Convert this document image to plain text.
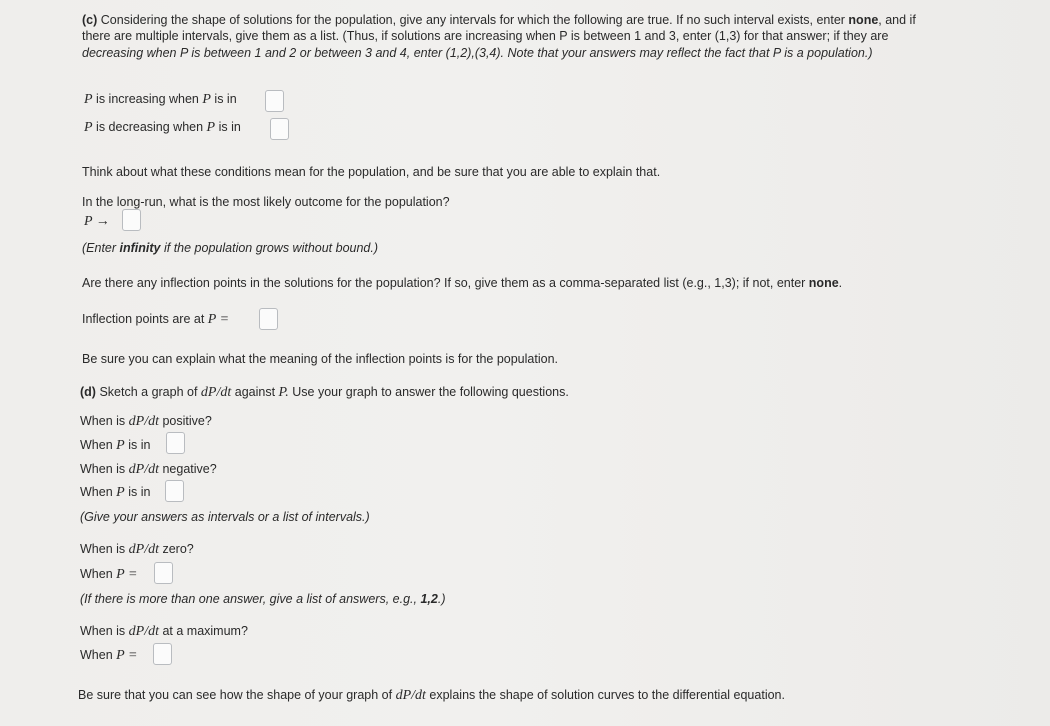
(c) Considering the shape of solutions for the population, give any intervals for which the following are true. If no such interval exists, enter none, and if
there are multiple intervals, give them as a list. (Thus, if solutions are increasing when P is between 1 and 3, enter (1,3) for that answer; if they are
decreasing when P is between 1 and 2 or between 3 and 4, enter (1,2),(3,4). Note that your answers may reflect the fact that P is a population.)
P
is increasing when
P
is in
P
is decreasing when
P
is in
Think about what these conditions mean for the population, and be sure that you are able to explain that.
In the long-run, what is the most likely outcome for the population?
P →
(Enter infinity if the population grows without bound.)
Are there any inflection points in the solutions for the population? If so, give them as a comma-separated list (e.g., 1,3); if not, enter none.
Inflection points are at
P =
Be sure you can explain what the meaning of the inflection points is for the population.
(d)
Sketch a graph of
dP/dt
against
P.
Use your graph to answer the following questions.
When is
dP/dt
positive?
When
P
is in
When is
dP/dt
negative?
When
P
is in
(Give your answers as intervals or a list of intervals.)
When is
dP/dt
zero?
When
P =
(If there is more than one answer, give a list of answers, e.g., 1,2.)
When is
dP/dt
at a maximum?
When
P =
Be sure that you can see how the shape of your graph of
dP/dt
explains the shape of solution curves to the differential equation.
